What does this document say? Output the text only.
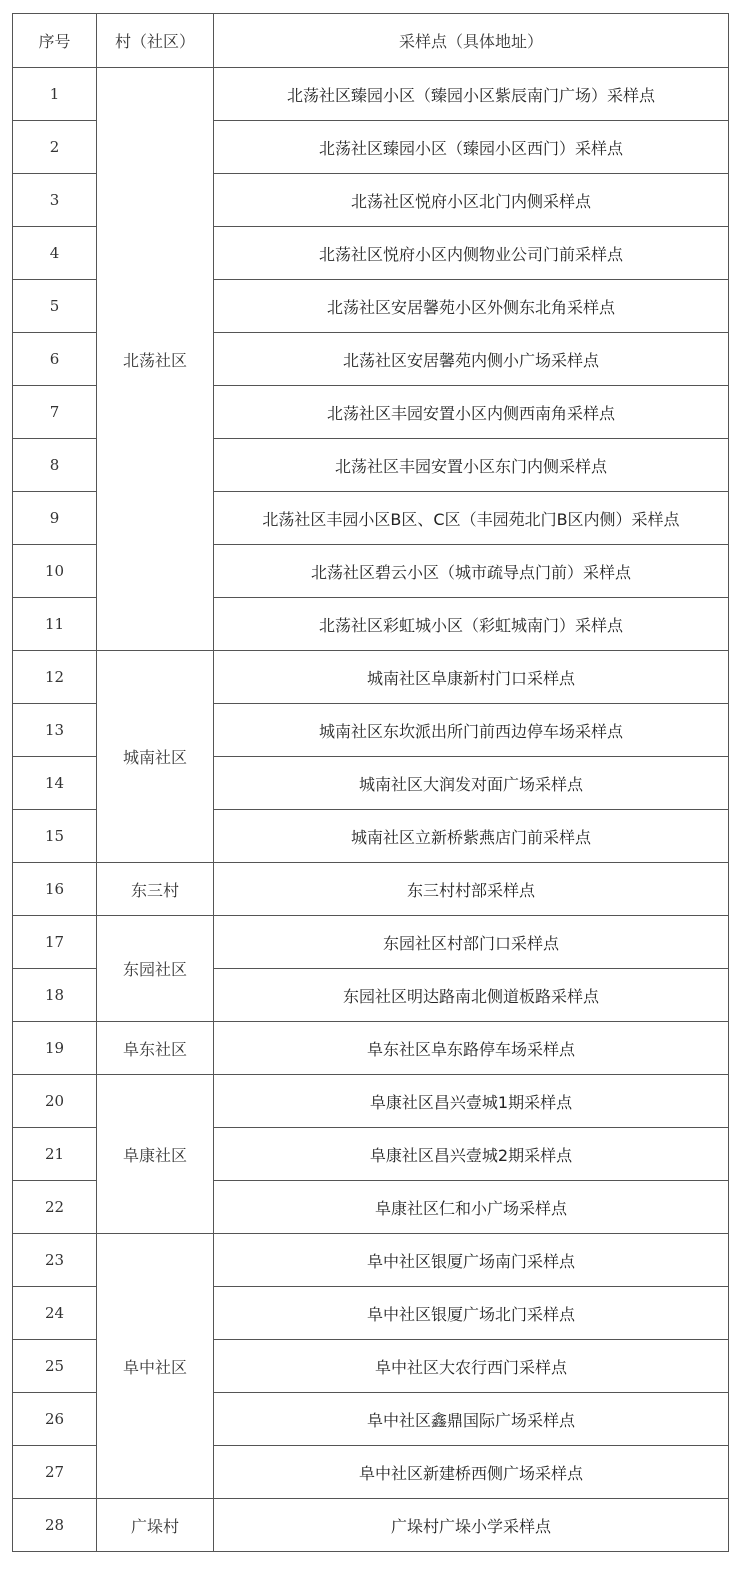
序号	村（社区）	采样点（具体地址）
1	北荡社区	北荡社区臻园小区（臻园小区紫辰南门广场）采样点
2		北荡社区臻园小区（臻园小区西门）采样点
3		北荡社区悦府小区北门内侧采样点
4		北荡社区悦府小区内侧物业公司门前采样点
5		北荡社区安居馨苑小区外侧东北角采样点
6		北荡社区安居馨苑内侧小广场采样点
7		北荡社区丰园安置小区内侧西南角采样点
8		北荡社区丰园安置小区东门内侧采样点
9		北荡社区丰园小区B区、C区（丰园苑北门B区内侧）采样点
10		北荡社区碧云小区（城市疏导点门前）采样点
11		北荡社区彩虹城小区（彩虹城南门）采样点
12	城南社区	城南社区阜康新村门口采样点
13		城南社区东坎派出所门前西边停车场采样点
14		城南社区大润发对面广场采样点
15		城南社区立新桥紫燕店门前采样点
16	东三村	东三村村部采样点
17	东园社区	东园社区村部门口采样点
18		东园社区明达路南北侧道板路采样点
19	阜东社区	阜东社区阜东路停车场采样点
20	阜康社区	阜康社区昌兴壹城1期采样点
21		阜康社区昌兴壹城2期采样点
22		阜康社区仁和小广场采样点
23	阜中社区	阜中社区银厦广场南门采样点
24		阜中社区银厦广场北门采样点
25		阜中社区大农行西门采样点
26		阜中社区鑫鼎国际广场采样点
27		阜中社区新建桥西侧广场采样点
28	广垛村	广垛村广垛小学采样点
